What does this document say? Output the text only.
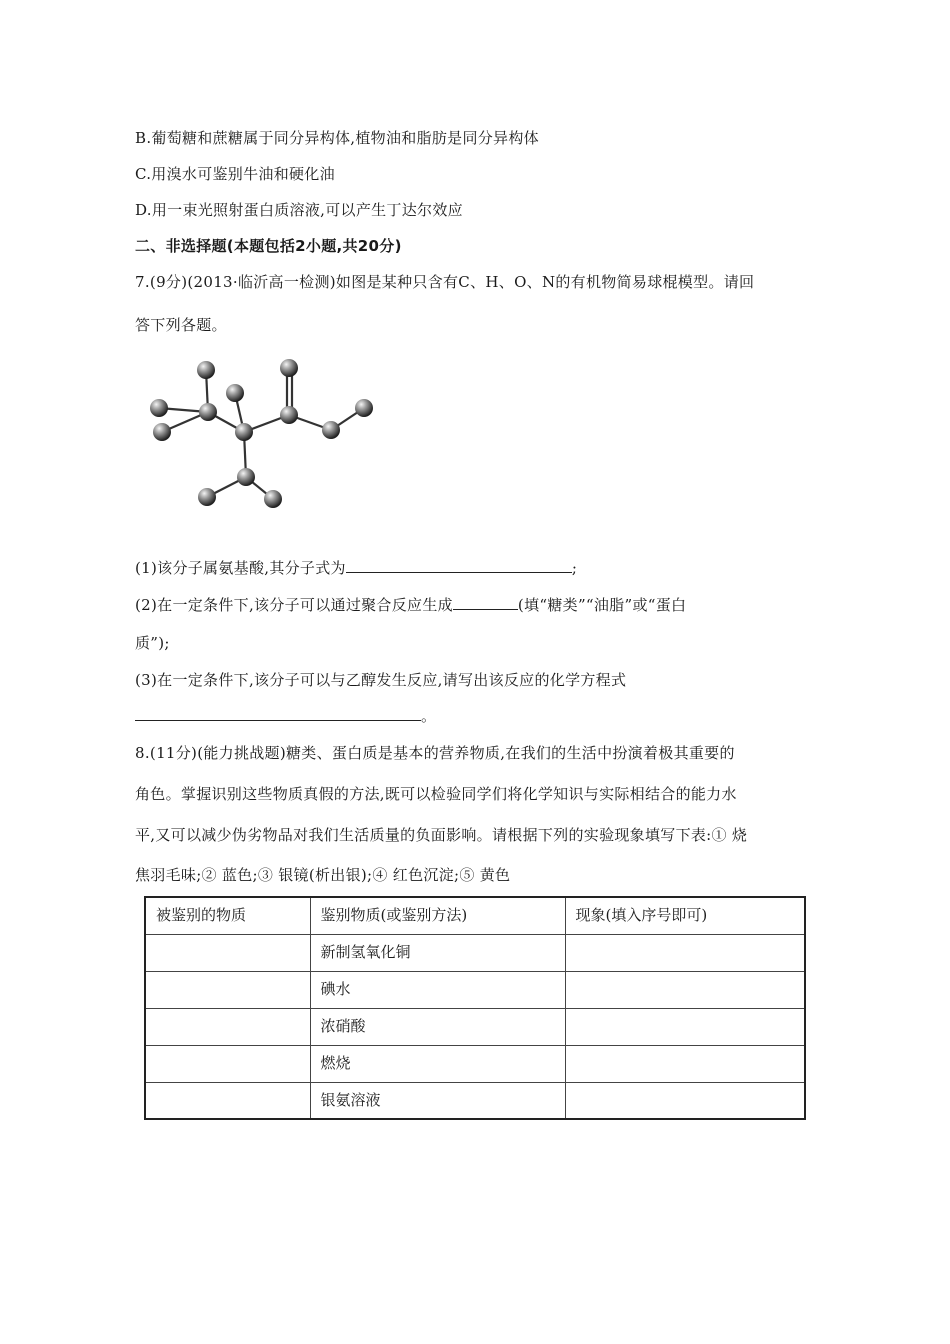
B.葡萄糖和蔗糖属于同分异构体,植物油和脂肪是同分异构体
C.用溴水可鉴别牛油和硬化油
D.用一束光照射蛋白质溶液,可以产生丁达尔效应
二、非选择题(本题包括2小题,共20分)
7.(9分)(2013·临沂高一检测)如图是某种只含有C、H、O、N的有机物简易球棍模型。请回
答下列各题。
(1)该分子属氨基酸,其分子式为	;
(2)在一定条件下,该分子可以通过聚合反应生成	(填“糖类”“油脂”或“蛋白
质”);
(3)在一定条件下,该分子可以与乙醇发生反应,请写出该反应的化学方程式
。
8.(11分)(能力挑战题)糖类、蛋白质是基本的营养物质,在我们的生活中扮演着极其重要的
角色。掌握识别这些物质真假的方法,既可以检验同学们将化学知识与实际相结合的能力水
平,又可以减少伪劣物品对我们生活质量的负面影响。请根据下列的实验现象填写下表:① 烧
焦羽毛味;② 蓝色;③ 银镜(析出银);④ 红色沉淀;⑤ 黄色
被鉴别的物质	鉴别物质(或鉴别方法)	现象(填入序号即可)
	新制氢氧化铜	
	碘水	
	浓硝酸	
	燃烧	
	银氨溶液	
